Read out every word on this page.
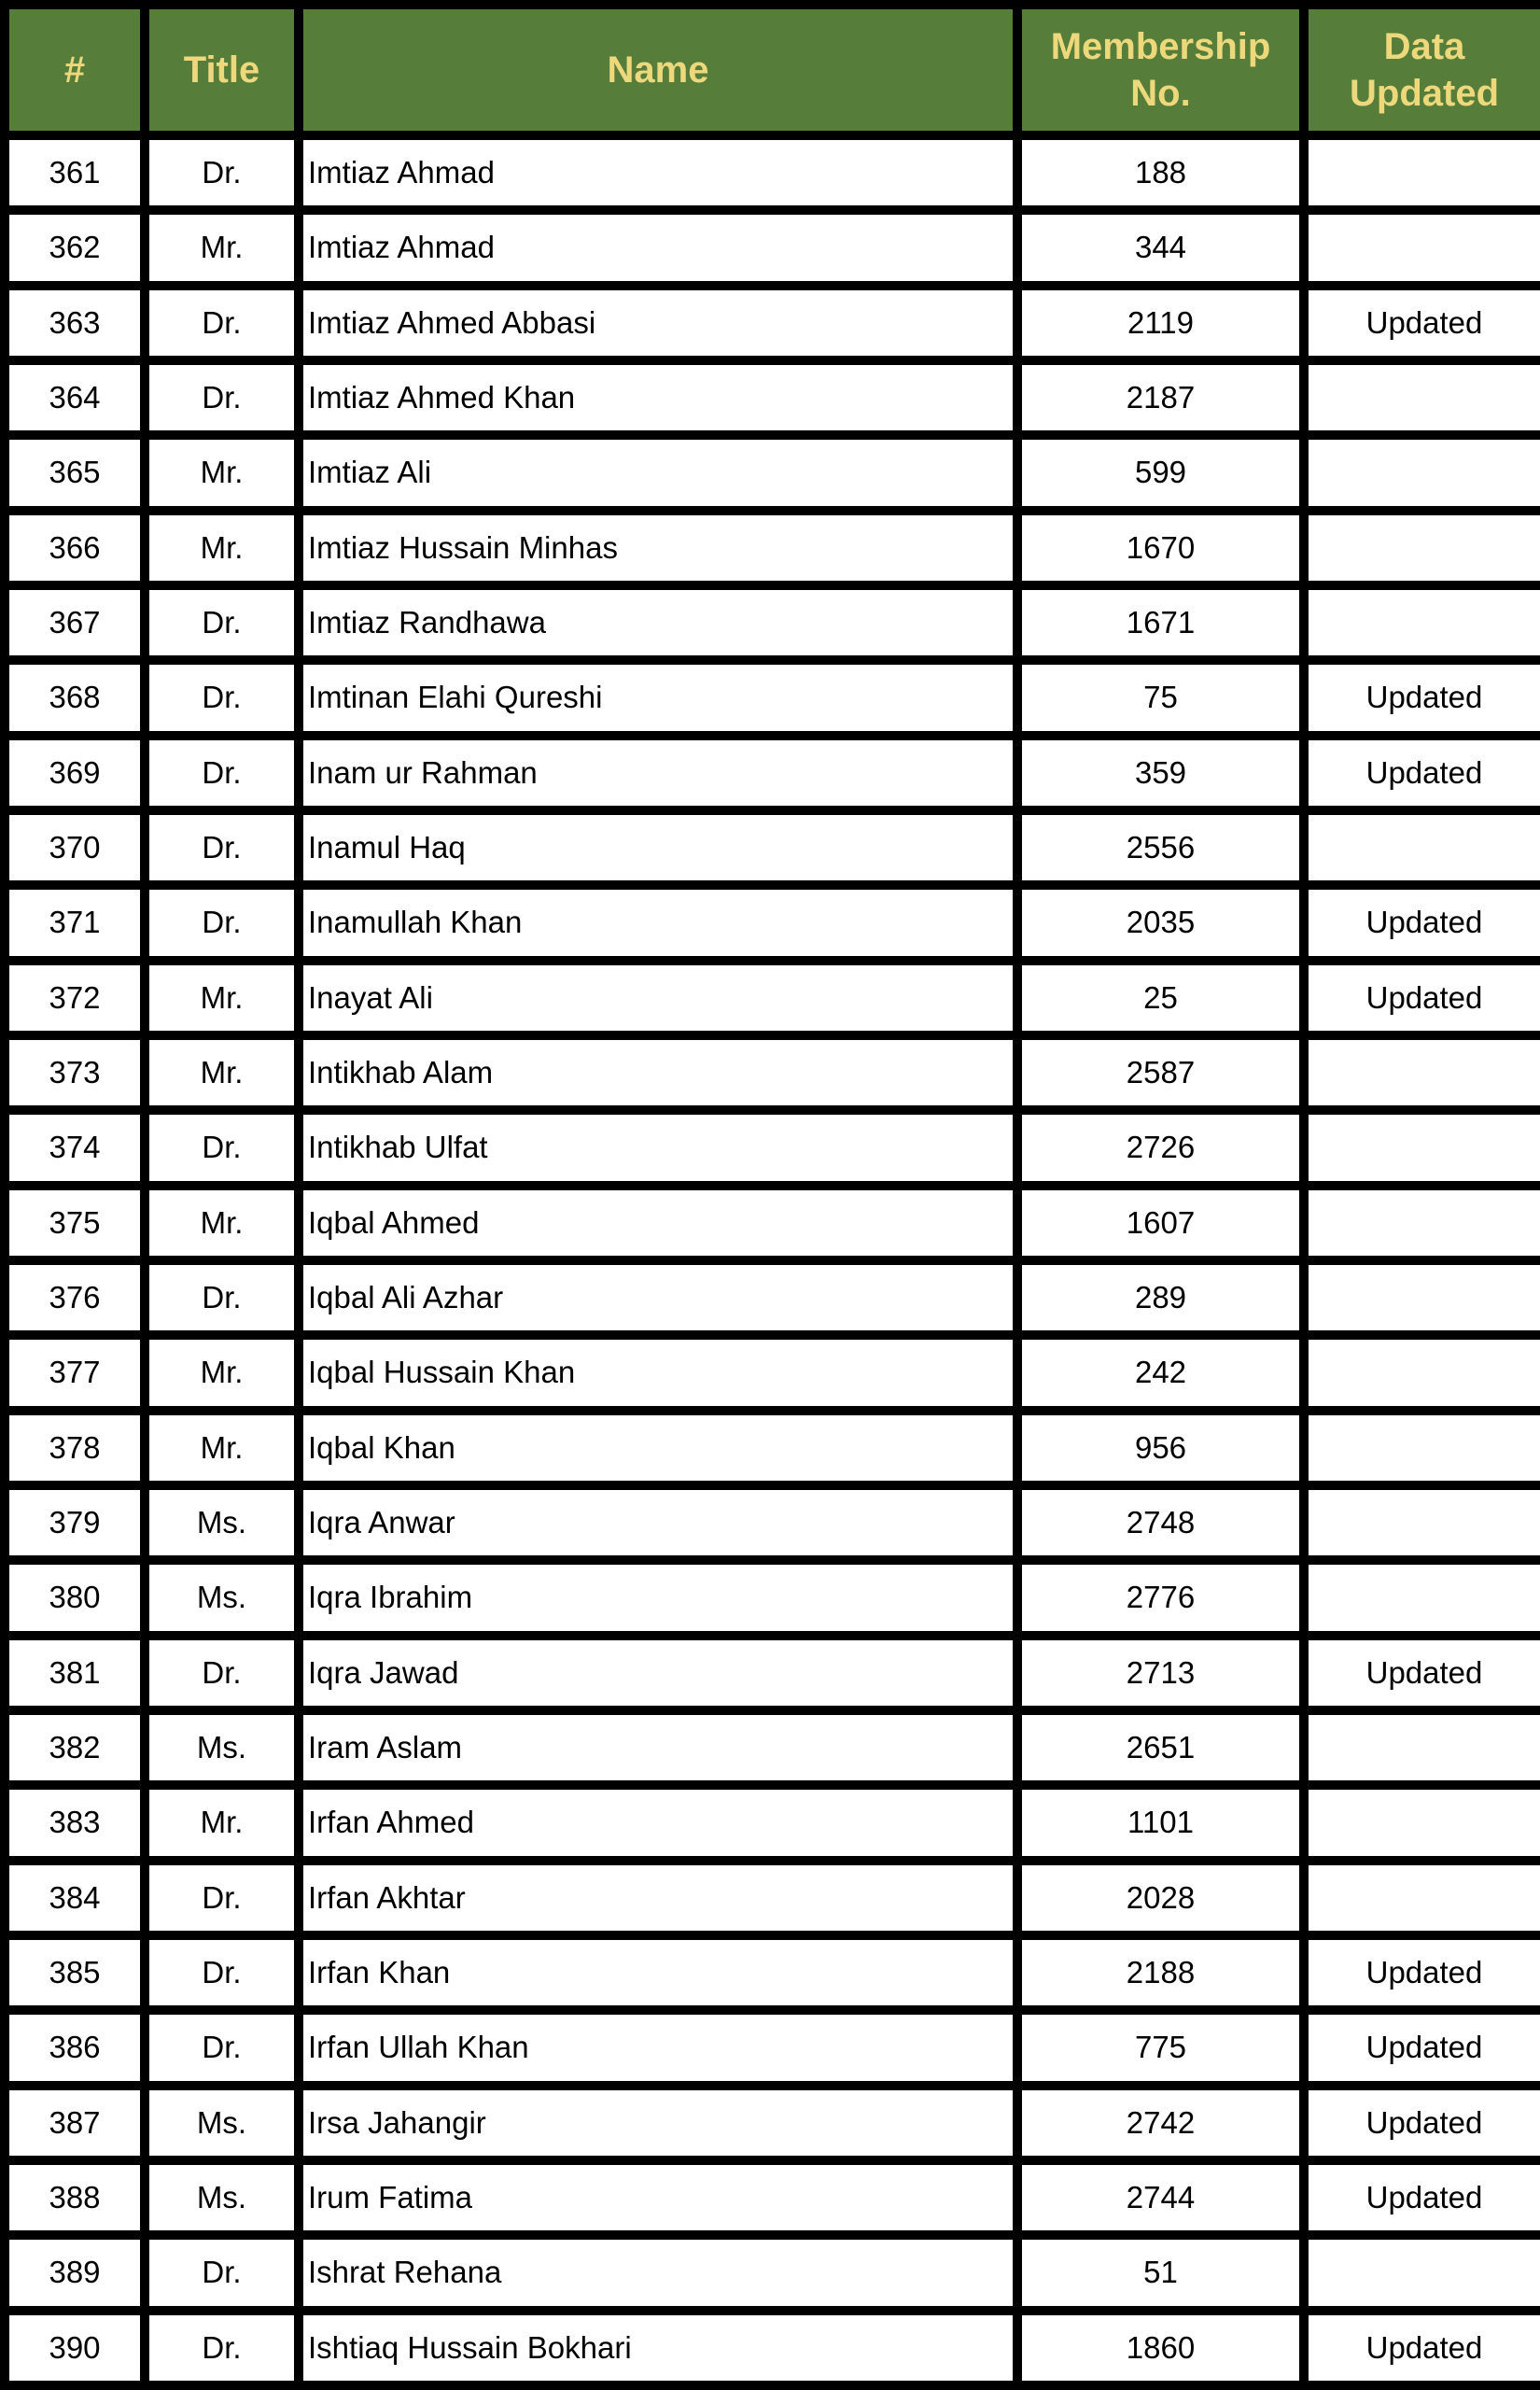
#	Title	Name	Membership No.	Data Updated
361	Dr.	Imtiaz Ahmad	188	
362	Mr.	Imtiaz Ahmad	344	
363	Dr.	Imtiaz Ahmed Abbasi	2119	Updated
364	Dr.	Imtiaz Ahmed Khan	2187	
365	Mr.	Imtiaz Ali	599	
366	Mr.	Imtiaz Hussain Minhas	1670	
367	Dr.	Imtiaz Randhawa	1671	
368	Dr.	Imtinan Elahi Qureshi	75	Updated
369	Dr.	Inam ur Rahman	359	Updated
370	Dr.	Inamul Haq	2556	
371	Dr.	Inamullah Khan	2035	Updated
372	Mr.	Inayat Ali	25	Updated
373	Mr.	Intikhab Alam	2587	
374	Dr.	Intikhab Ulfat	2726	
375	Mr.	Iqbal Ahmed	1607	
376	Dr.	Iqbal Ali Azhar	289	
377	Mr.	Iqbal Hussain Khan	242	
378	Mr.	Iqbal Khan	956	
379	Ms.	Iqra Anwar	2748	
380	Ms.	Iqra Ibrahim	2776	
381	Dr.	Iqra Jawad	2713	Updated
382	Ms.	Iram Aslam	2651	
383	Mr.	Irfan Ahmed	1101	
384	Dr.	Irfan Akhtar	2028	
385	Dr.	Irfan Khan	2188	Updated
386	Dr.	Irfan Ullah Khan	775	Updated
387	Ms.	Irsa Jahangir	2742	Updated
388	Ms.	Irum Fatima	2744	Updated
389	Dr.	Ishrat Rehana	51	
390	Dr.	Ishtiaq Hussain Bokhari	1860	Updated
